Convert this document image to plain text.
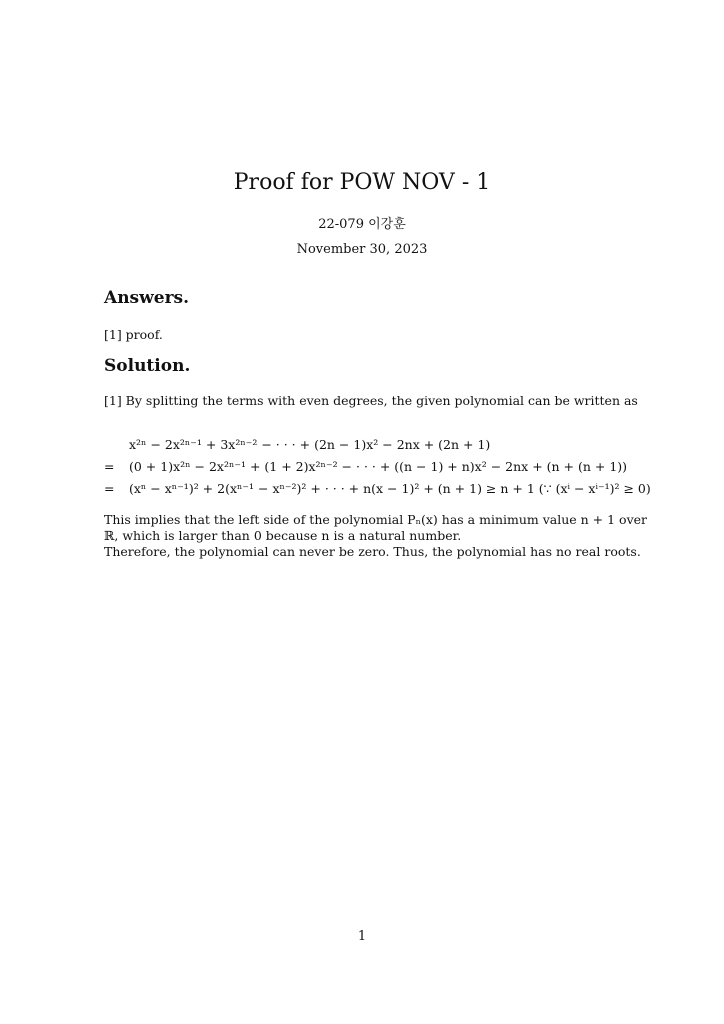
Proof for POW NOV - 1
22-079 이강훈
November 30, 2023
Answers.
[1] proof.
Solution.
[1] By splitting the terms with even degrees, the given polynomial can be written as
x²ⁿ − 2x²ⁿ⁻¹ + 3x²ⁿ⁻² − · · · + (2n − 1)x² − 2nx + (2n + 1)
= (0 + 1)x²ⁿ − 2x²ⁿ⁻¹ + (1 + 2)x²ⁿ⁻² − · · · + ((n − 1) + n)x² − 2nx + (n + (n + 1))
= (xⁿ − xⁿ⁻¹)² + 2(xⁿ⁻¹ − xⁿ⁻²)² + · · · + n(x − 1)² + (n + 1) ≥ n + 1 (∵ (xⁱ − xⁱ⁻¹)² ≥ 0)
This implies that the left side of the polynomial Pₙ(x) has a minimum value n + 1 over
ℝ, which is larger than 0 because n is a natural number.
Therefore, the polynomial can never be zero. Thus, the polynomial has no real roots.
1
